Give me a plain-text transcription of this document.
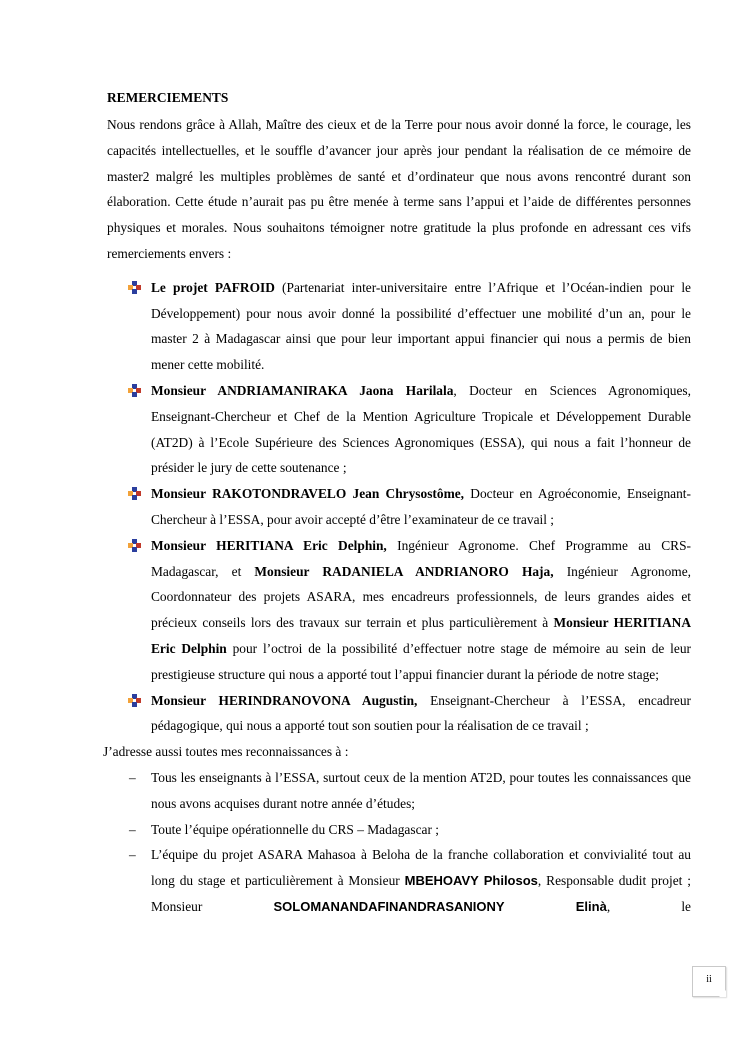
REMERCIEMENTS

Nous rendons grâce à Allah, Maître des cieux et de la Terre pour nous avoir donné la force, le courage, les capacités intellectuelles, et le souffle d’avancer jour après jour pendant la réalisation de ce mémoire de master2 malgré les multiples problèmes de santé et d’ordinateur que nous avons rencontré durant son élaboration. Cette étude n’aurait pas pu être menée à terme sans l’appui et l’aide de différentes personnes physiques et morales. Nous souhaitons témoigner notre gratitude la plus profonde en adressant ces vifs remerciements envers :

Le projet PAFROID (Partenariat inter-universitaire entre l’Afrique et l’Océan-indien pour le Développement) pour nous avoir donné la possibilité d’effectuer une mobilité d’un an, pour le master 2 à Madagascar ainsi que pour leur important appui financier qui nous a permis de bien mener cette mobilité.
Monsieur ANDRIAMANIRAKA Jaona Harilala, Docteur en Sciences Agronomiques, Enseignant-Chercheur et Chef de la Mention Agriculture Tropicale et Développement Durable (AT2D) à l’Ecole Supérieure des Sciences Agronomiques (ESSA), qui nous a fait l’honneur de présider le jury de cette soutenance ;
Monsieur RAKOTONDRAVELO Jean Chrysostôme, Docteur en Agroéconomie, Enseignant-Chercheur à l’ESSA, pour avoir accepté d’être l’examinateur de ce travail ;
Monsieur HERITIANA Eric Delphin, Ingénieur Agronome. Chef Programme au CRS-Madagascar, et Monsieur RADANIELA ANDRIANORO Haja, Ingénieur Agronome, Coordonnateur des projets ASARA, mes encadreurs professionnels, de leurs grandes aides et précieux conseils lors des travaux sur terrain et plus particulièrement à Monsieur HERITIANA Eric Delphin pour l’octroi de la possibilité d’effectuer notre stage de mémoire au sein de leur prestigieuse structure qui nous a apporté tout l’appui financier durant la période de notre stage;
Monsieur HERINDRANOVONA Augustin, Enseignant-Chercheur à l’ESSA, encadreur pédagogique, qui nous a apporté tout son soutien pour la réalisation de ce travail ;
J’adresse aussi toutes mes reconnaissances à :
– Tous les enseignants à l’ESSA, surtout ceux de la mention AT2D, pour toutes les connaissances que nous avons acquises durant notre année d’études;
– Toute l’équipe opérationnelle du CRS – Madagascar ;
– L’équipe du projet ASARA Mahasoa à Beloha de la franche collaboration et convivialité tout au long du stage et particulièrement à Monsieur MBEHOAVY Philosos, Responsable dudit projet ; Monsieur SOLOMANANDAFINANDRASANIONY Elinà, le
ii
